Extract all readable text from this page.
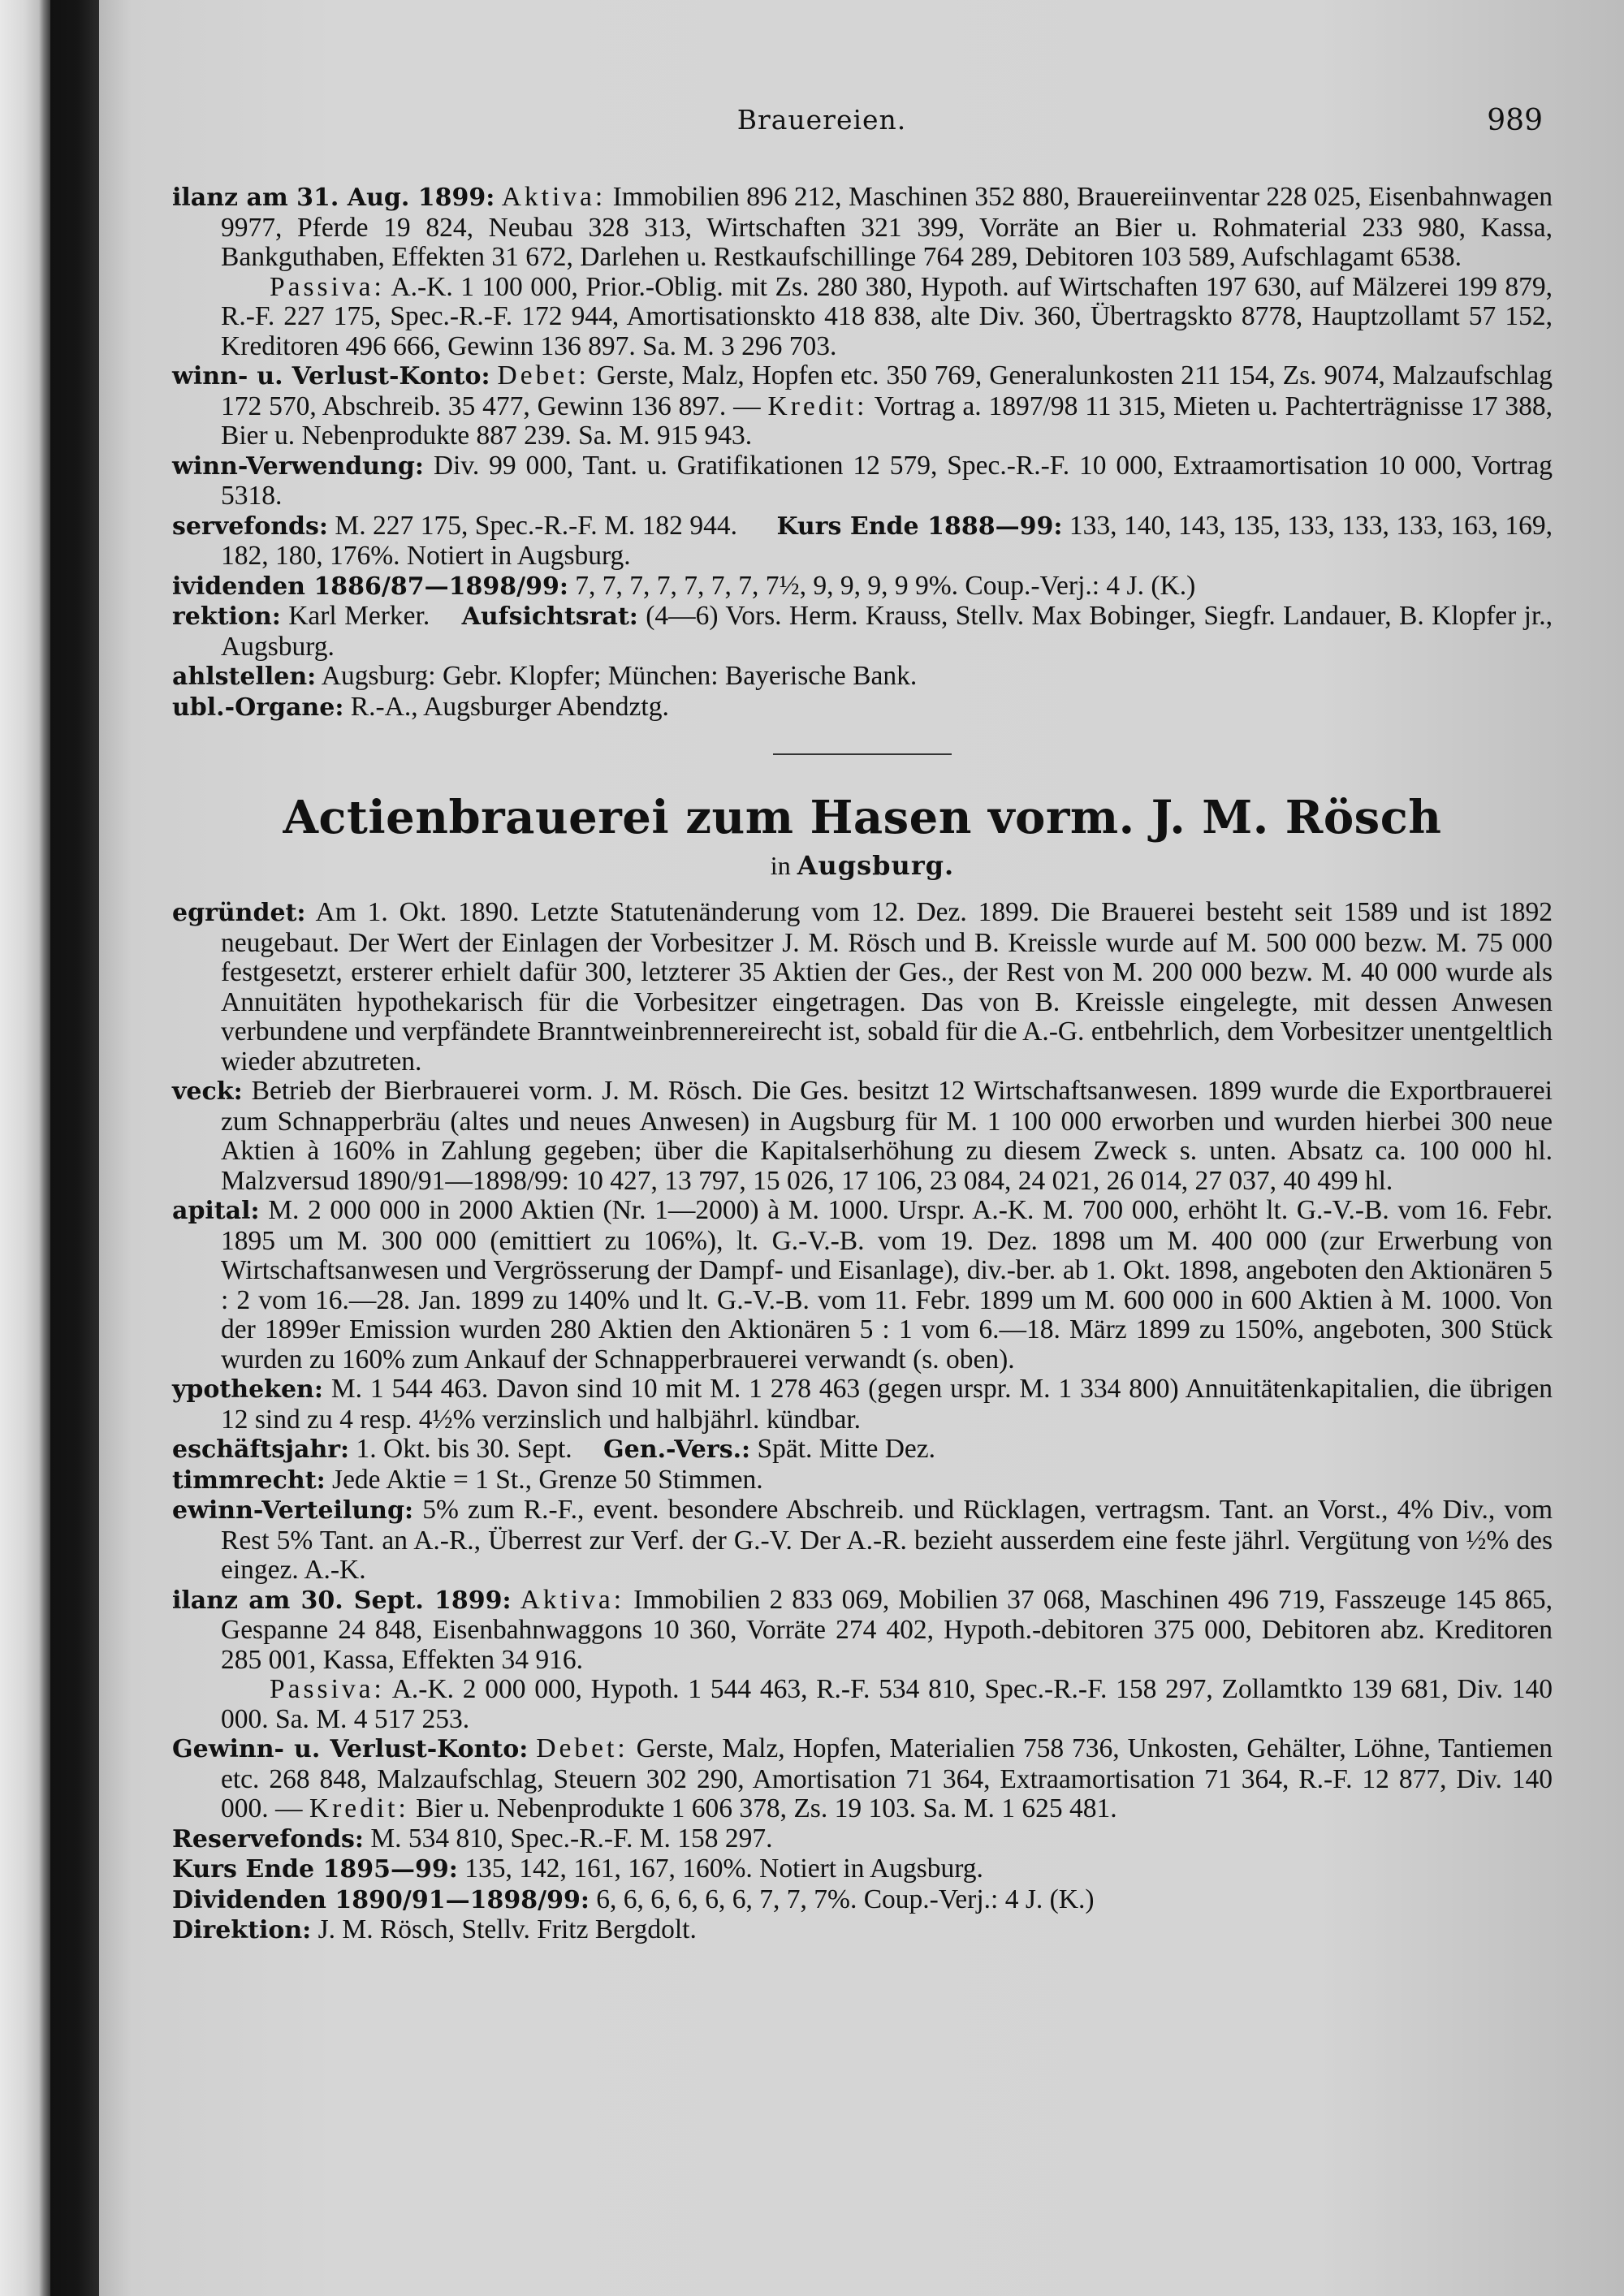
Brauereien.	989

ilanz am 31. Aug. 1899: Aktiva: Immobilien 896 212, Maschinen 352 880, Brauereiinventar 228 025, Eisenbahnwagen 9977, Pferde 19 824, Neubau 328 313, Wirtschaften 321 399, Vorräte an Bier u. Rohmaterial 233 980, Kassa, Bankguthaben, Effekten 31 672, Darlehen u. Restkaufschillinge 764 289, Debitoren 103 589, Aufschlagamt 6538.

Passiva: A.-K. 1 100 000, Prior.-Oblig. mit Zs. 280 380, Hypoth. auf Wirtschaften 197 630, auf Mälzerei 199 879, R.-F. 227 175, Spec.-R.-F. 172 944, Amortisationskto 418 838, alte Div. 360, Übertragskto 8778, Hauptzollamt 57 152, Kreditoren 496 666, Gewinn 136 897. Sa. M. 3 296 703.

winn- u. Verlust-Konto: Debet: Gerste, Malz, Hopfen etc. 350 769, Generalunkosten 211 154, Zs. 9074, Malzaufschlag 172 570, Abschreib. 35 477, Gewinn 136 897. — Kredit: Vortrag a. 1897/98 11 315, Mieten u. Pachterträgnisse 17 388, Bier u. Nebenprodukte 887 239. Sa. M. 915 943.

winn-Verwendung: Div. 99 000, Tant. u. Gratifikationen 12 579, Spec.-R.-F. 10 000, Extraamortisation 10 000, Vortrag 5318.

servefonds: M. 227 175, Spec.-R.-F. M. 182 944. Kurs Ende 1888—99: 133, 140, 143, 135, 133, 133, 133, 163, 169, 182, 180, 176%. Notiert in Augsburg.

ividenden 1886/87—1898/99: 7, 7, 7, 7, 7, 7, 7, 7½, 9, 9, 9, 9 9%. Coup.-Verj.: 4 J. (K.)

rektion: Karl Merker. Aufsichtsrat: (4—6) Vors. Herm. Krauss, Stellv. Max Bobinger, Siegfr. Landauer, B. Klopfer jr., Augsburg.

ahlstellen: Augsburg: Gebr. Klopfer; München: Bayerische Bank.

ubl.-Organe: R.-A., Augsburger Abendztg.

Actienbrauerei zum Hasen vorm. J. M. Rösch
in Augsburg.

egründet: Am 1. Okt. 1890. Letzte Statutenänderung vom 12. Dez. 1899. Die Brauerei besteht seit 1589 und ist 1892 neugebaut. Der Wert der Einlagen der Vorbesitzer J. M. Rösch und B. Kreissle wurde auf M. 500 000 bezw. M. 75 000 festgesetzt, ersterer erhielt dafür 300, letzterer 35 Aktien der Ges., der Rest von M. 200 000 bezw. M. 40 000 wurde als Annuitäten hypothekarisch für die Vorbesitzer eingetragen. Das von B. Kreissle eingelegte, mit dessen Anwesen verbundene und verpfändete Branntweinbrennereirecht ist, sobald für die A.-G. entbehrlich, dem Vorbesitzer unentgeltlich wieder abzutreten.

veck: Betrieb der Bierbrauerei vorm. J. M. Rösch. Die Ges. besitzt 12 Wirtschaftsanwesen. 1899 wurde die Exportbrauerei zum Schnapperbräu (altes und neues Anwesen) in Augsburg für M. 1 100 000 erworben und wurden hierbei 300 neue Aktien à 160% in Zahlung gegeben; über die Kapitalserhöhung zu diesem Zweck s. unten. Absatz ca. 100 000 hl. Malzversud 1890/91—1898/99: 10 427, 13 797, 15 026, 17 106, 23 084, 24 021, 26 014, 27 037, 40 499 hl.

apital: M. 2 000 000 in 2000 Aktien (Nr. 1—2000) à M. 1000. Urspr. A.-K. M. 700 000, erhöht lt. G.-V.-B. vom 16. Febr. 1895 um M. 300 000 (emittiert zu 106%), lt. G.-V.-B. vom 19. Dez. 1898 um M. 400 000 (zur Erwerbung von Wirtschaftsanwesen und Vergrösserung der Dampf- und Eisanlage), div.-ber. ab 1. Okt. 1898, angeboten den Aktionären 5 : 2 vom 16.—28. Jan. 1899 zu 140% und lt. G.-V.-B. vom 11. Febr. 1899 um M. 600 000 in 600 Aktien à M. 1000. Von der 1899er Emission wurden 280 Aktien den Aktionären 5 : 1 vom 6.—18. März 1899 zu 150%, angeboten, 300 Stück wurden zu 160% zum Ankauf der Schnapperbrauerei verwandt (s. oben).

ypotheken: M. 1 544 463. Davon sind 10 mit M. 1 278 463 (gegen urspr. M. 1 334 800) Annuitätenkapitalien, die übrigen 12 sind zu 4 resp. 4½% verzinslich und halbjährl. kündbar.

eschäftsjahr: 1. Okt. bis 30. Sept. Gen.-Vers.: Spät. Mitte Dez.

timmrecht: Jede Aktie = 1 St., Grenze 50 Stimmen.

ewinn-Verteilung: 5% zum R.-F., event. besondere Abschreib. und Rücklagen, vertragsm. Tant. an Vorst., 4% Div., vom Rest 5% Tant. an A.-R., Überrest zur Verf. der G.-V. Der A.-R. bezieht ausserdem eine feste jährl. Vergütung von ½% des eingez. A.-K.

ilanz am 30. Sept. 1899: Aktiva: Immobilien 2 833 069, Mobilien 37 068, Maschinen 496 719, Fasszeuge 145 865, Gespanne 24 848, Eisenbahnwaggons 10 360, Vorräte 274 402, Hypoth.-debitoren 375 000, Debitoren abz. Kreditoren 285 001, Kassa, Effekten 34 916.

Passiva: A.-K. 2 000 000, Hypoth. 1 544 463, R.-F. 534 810, Spec.-R.-F. 158 297, Zollamtkto 139 681, Div. 140 000. Sa. M. 4 517 253.

Gewinn- u. Verlust-Konto: Debet: Gerste, Malz, Hopfen, Materialien 758 736, Unkosten, Gehälter, Löhne, Tantiemen etc. 268 848, Malzaufschlag, Steuern 302 290, Amortisation 71 364, Extraamortisation 71 364, R.-F. 12 877, Div. 140 000. — Kredit: Bier u. Nebenprodukte 1 606 378, Zs. 19 103. Sa. M. 1 625 481.

Reservefonds: M. 534 810, Spec.-R.-F. M. 158 297.

Kurs Ende 1895—99: 135, 142, 161, 167, 160%. Notiert in Augsburg.

Dividenden 1890/91—1898/99: 6, 6, 6, 6, 6, 6, 7, 7, 7%. Coup.-Verj.: 4 J. (K.)

Direktion: J. M. Rösch, Stellv. Fritz Bergdolt.
